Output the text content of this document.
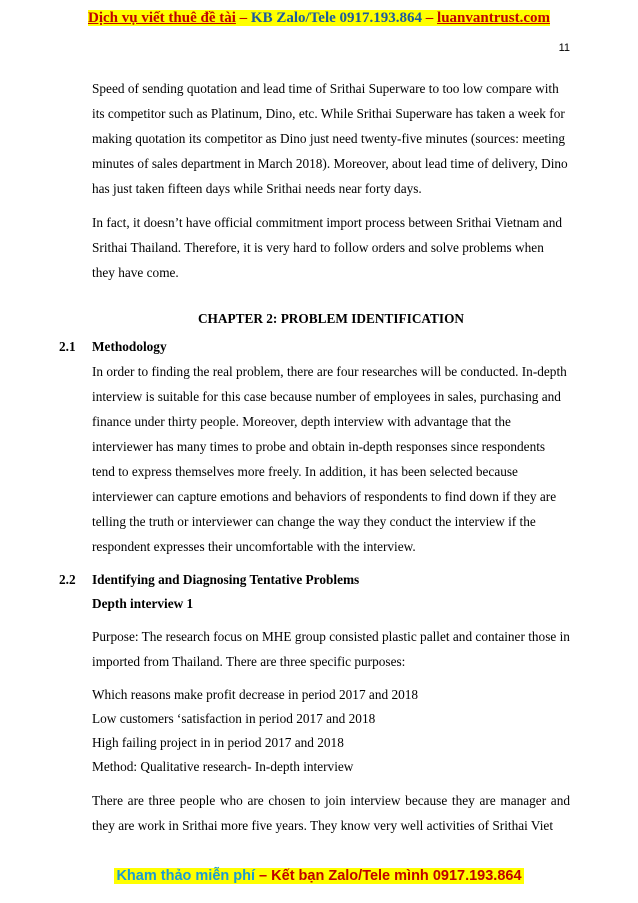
Dịch vụ viết thuê đề tài – KB Zalo/Tele 0917.193.864 – luanvantrust.com
11

Speed of sending quotation and lead time of Srithai Superware to too low compare with its competitor such as Platinum, Dino, etc. While Srithai Superware has taken a week for making quotation its competitor as Dino just need twenty-five minutes (sources: meeting minutes of sales department in March 2018). Moreover, about lead time of delivery, Dino has just taken fifteen days while Srithai needs near forty days.

In fact, it doesn’t have official commitment import process between Srithai Vietnam and Srithai Thailand. Therefore, it is very hard to follow orders and solve problems when they have come.

CHAPTER 2: PROBLEM IDENTIFICATION
2.1 Methodology

In order to finding the real problem, there are four researches will be conducted. In-depth interview is suitable for this case because number of employees in sales, purchasing and finance under thirty people. Moreover, depth interview with advantage that the interviewer has many times to probe and obtain in-depth responses since respondents tend to express themselves more freely. In addition, it has been selected because interviewer can capture emotions and behaviors of respondents to find down if they are telling the truth or interviewer can change the way they conduct the interview if the respondent expresses their uncomfortable with the interview.

2.2 Identifying and Diagnosing Tentative Problems
Depth interview 1

Purpose: The research focus on MHE group consisted plastic pallet and container those in imported from Thailand. There are three specific purposes:

Which reasons make profit decrease in period 2017 and 2018

Low customers ‘satisfaction in period 2017 and 2018

High failing project in in period 2017 and 2018

Method: Qualitative research- In-depth interview

There are three people who are chosen to join interview because they are manager and they are work in Srithai more five years. They know very well activities of Srithai Viet

Kham thảo miễn phí – Kết bạn Zalo/Tele mình 0917.193.864
